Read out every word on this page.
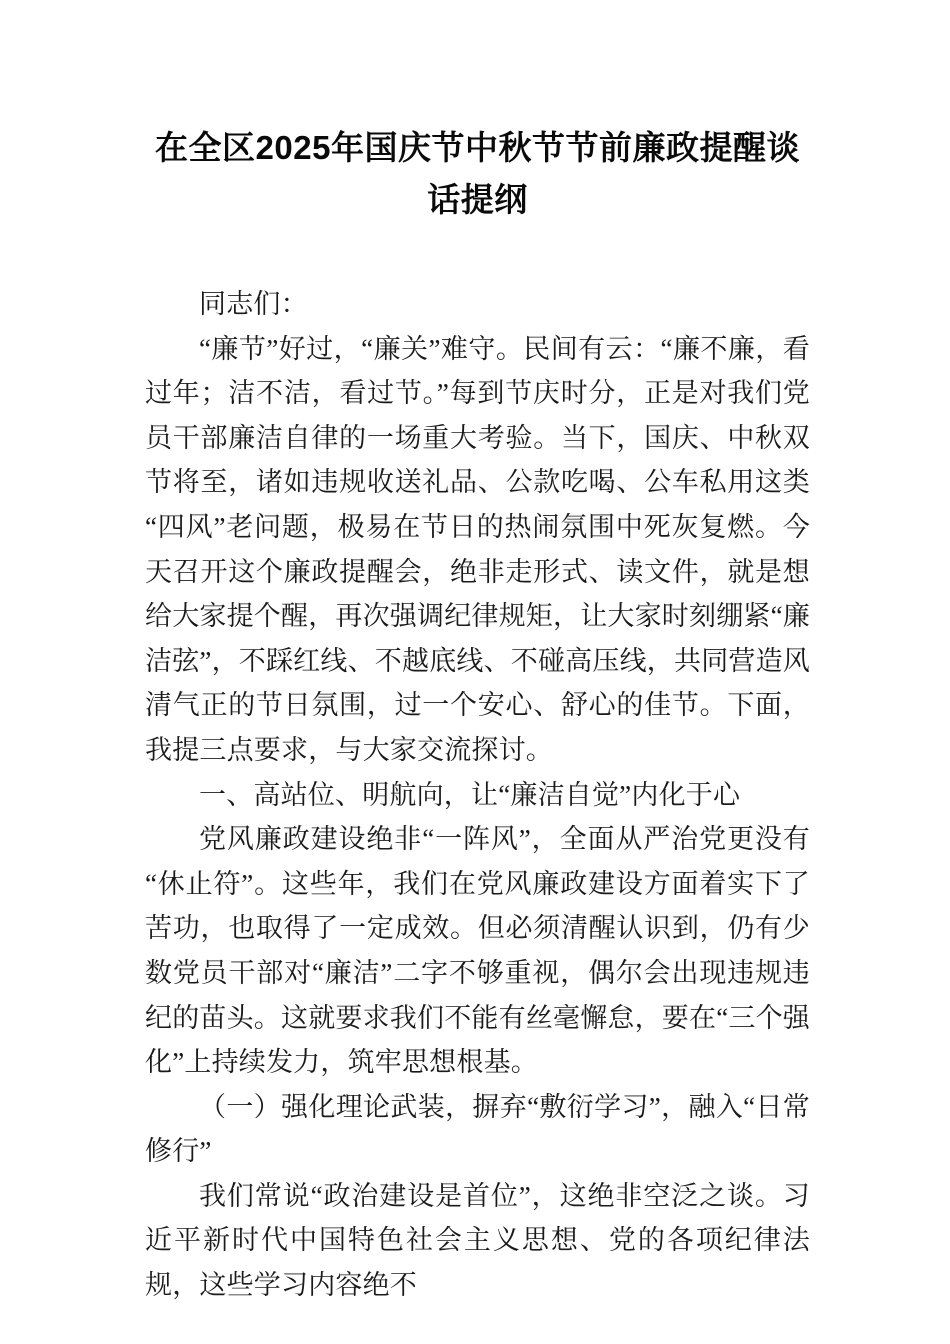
在全区2025年国庆节中秋节节前廉政提醒谈话提纲

同志们：

“廉节”好过，“廉关”难守。民间有云：“廉不廉，看过年；洁不洁，看过节。”每到节庆时分，正是对我们党员干部廉洁自律的一场重大考验。当下，国庆、中秋双节将至，诸如违规收送礼品、公款吃喝、公车私用这类“四风”老问题，极易在节日的热闹氛围中死灰复燃。今天召开这个廉政提醒会，绝非走形式、读文件，就是想给大家提个醒，再次强调纪律规矩，让大家时刻绷紧“廉洁弦”，不踩红线、不越底线、不碰高压线，共同营造风清气正的节日氛围，过一个安心、舒心的佳节。下面，我提三点要求，与大家交流探讨。

一、高站位、明航向，让“廉洁自觉”内化于心

党风廉政建设绝非“一阵风”，全面从严治党更没有“休止符”。这些年，我们在党风廉政建设方面着实下了苦功，也取得了一定成效。但必须清醒认识到，仍有少数党员干部对“廉洁”二字不够重视，偶尔会出现违规违纪的苗头。这就要求我们不能有丝毫懈怠，要在“三个强化”上持续发力，筑牢思想根基。

（一）强化理论武装，摒弃“敷衍学习”，融入“日常修行”

我们常说“政治建设是首位”，这绝非空泛之谈。习近平新时代中国特色社会主义思想、党的各项纪律法规，这些学习内容绝不
